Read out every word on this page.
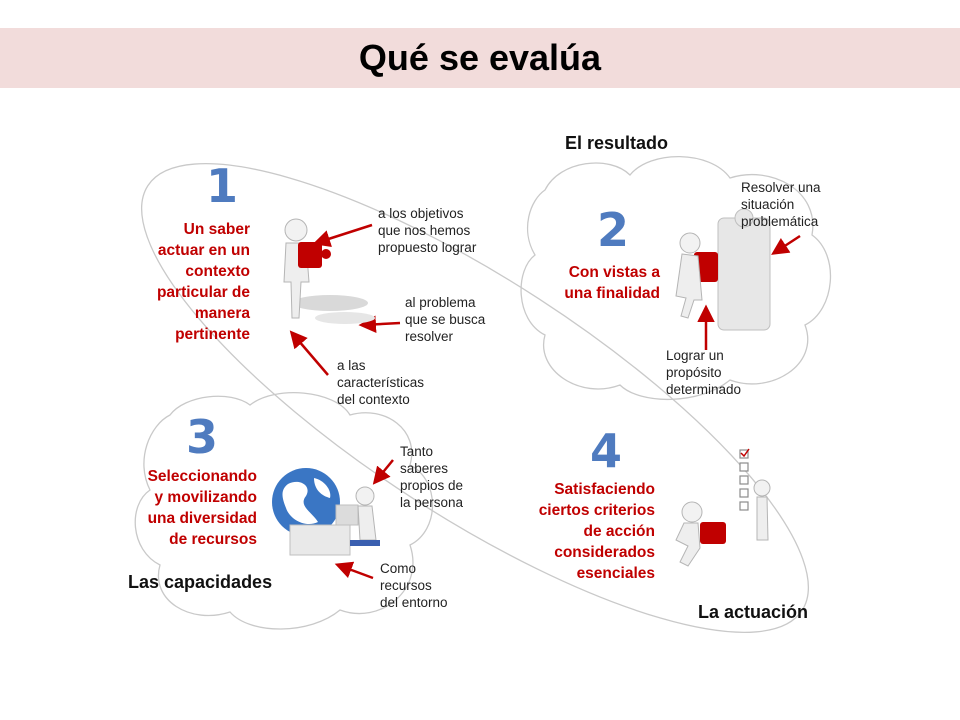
Qué se evalúa

El resultado

Las capacidades

La actuación

1
Un saber
actuar en un
contexto
particular de
manera
pertinente
a los objetivos
que nos hemos
propuesto lograr
al problema
que se busca
resolver
a las
características
del contexto
2
Con vistas a
una finalidad
Resolver una
situación
problemática
Lograr un
propósito
determinado
3
Seleccionando
y movilizando
una diversidad
de recursos
Tanto
saberes
propios de
la persona
Como
recursos
del entorno
4
Satisfaciendo
ciertos criterios
de acción
considerados
esenciales
